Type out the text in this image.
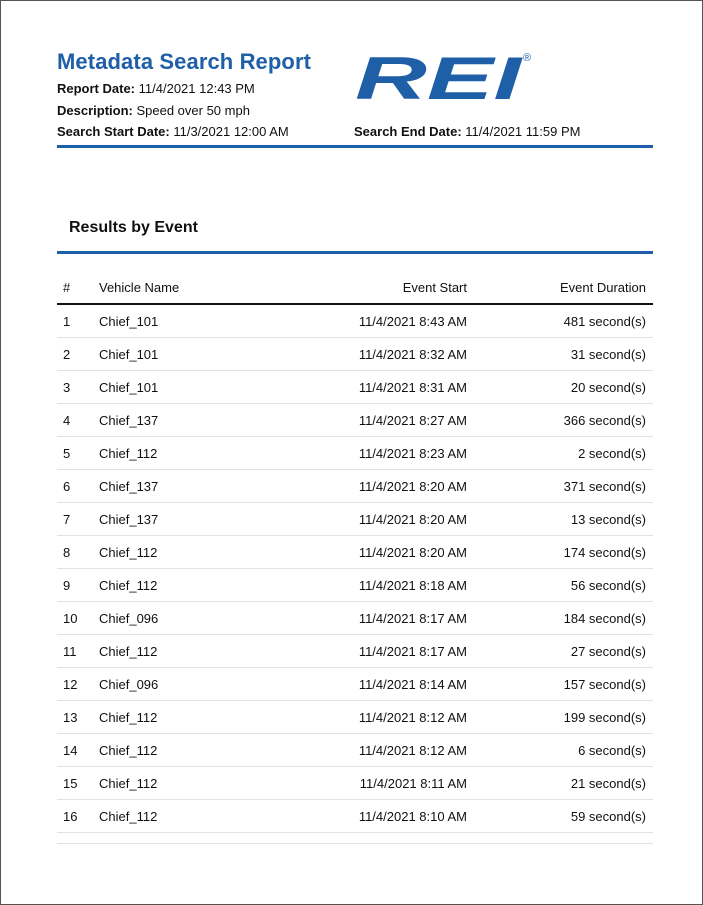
Metadata Search Report
Report Date: 11/4/2021 12:43 PM
Description: Speed over 50 mph
Search Start Date: 11/3/2021 12:00 AM	Search End Date: 11/4/2021 11:59 PM
REI ®
Results by Event
#	Vehicle Name	Event Start	Event Duration
1	Chief_101	11/4/2021 8:43 AM	481 second(s)
2	Chief_101	11/4/2021 8:32 AM	31 second(s)
3	Chief_101	11/4/2021 8:31 AM	20 second(s)
4	Chief_137	11/4/2021 8:27 AM	366 second(s)
5	Chief_112	11/4/2021 8:23 AM	2 second(s)
6	Chief_137	11/4/2021 8:20 AM	371 second(s)
7	Chief_137	11/4/2021 8:20 AM	13 second(s)
8	Chief_112	11/4/2021 8:20 AM	174 second(s)
9	Chief_112	11/4/2021 8:18 AM	56 second(s)
10	Chief_096	11/4/2021 8:17 AM	184 second(s)
11	Chief_112	11/4/2021 8:17 AM	27 second(s)
12	Chief_096	11/4/2021 8:14 AM	157 second(s)
13	Chief_112	11/4/2021 8:12 AM	199 second(s)
14	Chief_112	11/4/2021 8:12 AM	6 second(s)
15	Chief_112	11/4/2021 8:11 AM	21 second(s)
16	Chief_112	11/4/2021 8:10 AM	59 second(s)
